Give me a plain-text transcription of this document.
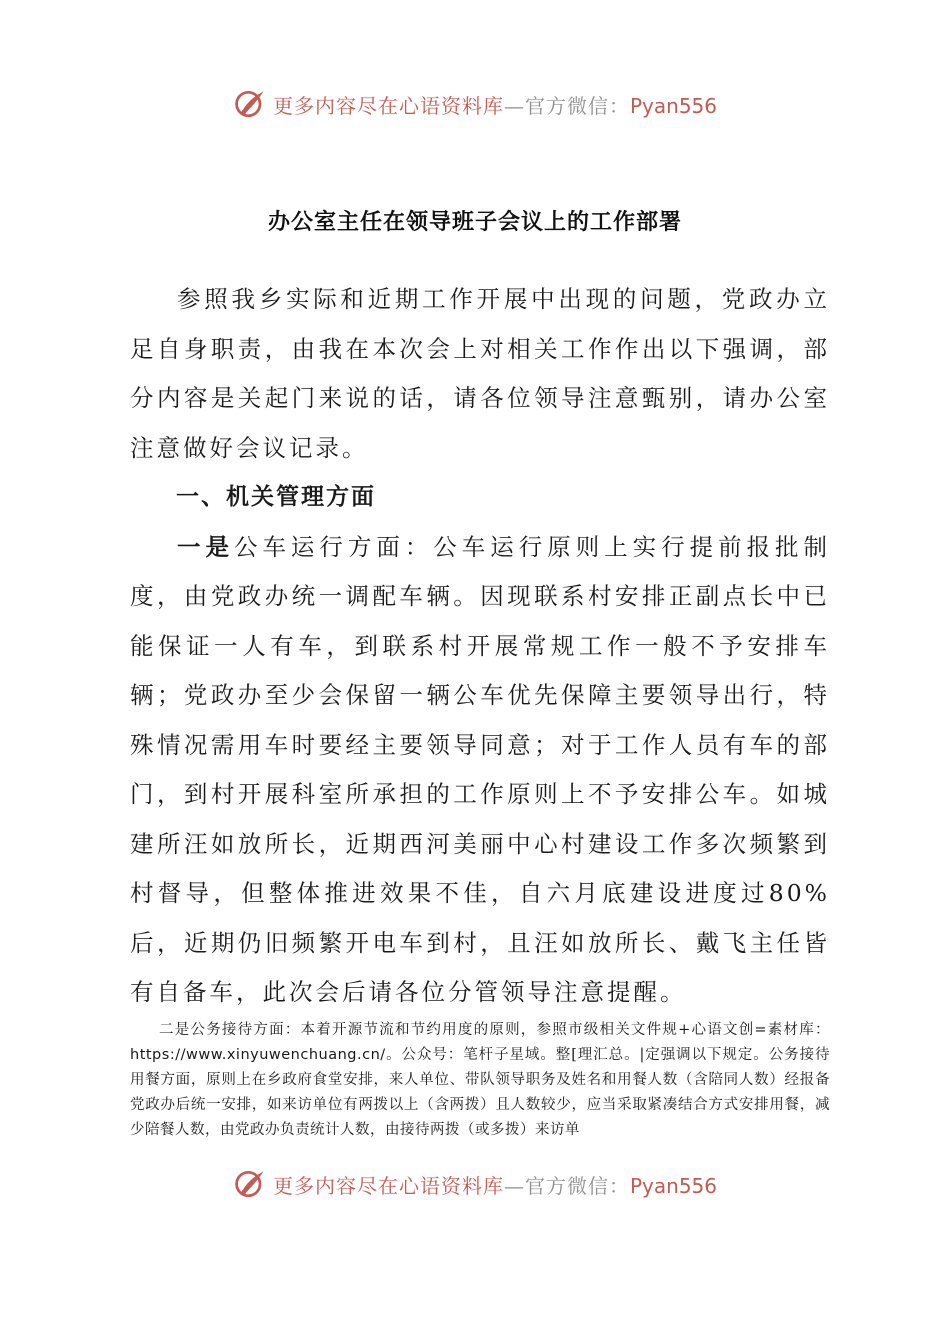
更多内容尽在心语资料库—官方微信：Pyan556
办公室主任在领导班子会议上的工作部署

参照我乡实际和近期工作开展中出现的问题，党政办立足自身职责，由我在本次会上对相关工作作出以下强调，部分内容是关起门来说的话，请各位领导注意甄别，请办公室注意做好会议记录。

一、机关管理方面

一是公车运行方面：公车运行原则上实行提前报批制度，由党政办统一调配车辆。因现联系村安排正副点长中已能保证一人有车，到联系村开展常规工作一般不予安排车辆；党政办至少会保留一辆公车优先保障主要领导出行，特殊情况需用车时要经主要领导同意；对于工作人员有车的部门，到村开展科室所承担的工作原则上不予安排公车。如城建所汪如放所长，近期西河美丽中心村建设工作多次频繁到村督导，但整体推进效果不佳，自六月底建设进度过80%后，近期仍旧频繁开电车到村，且汪如放所长、戴飞主任皆有自备车，此次会后请各位分管领导注意提醒。

二是公务接待方面：本着开源节流和节约用度的原则，参照市级相关文件规+心语文创=素材库：https://www.xinyuwenchuang.cn/。公众号：笔杆子星域。整[理汇总。|定强调以下规定。公务接待用餐方面，原则上在乡政府食堂安排，来人单位、带队领导职务及姓名和用餐人数（含陪同人数）经报备党政办后统一安排，如来访单位有两拨以上（含两拨）且人数较少，应当采取紧凑结合方式安排用餐，减少陪餐人数，由党政办负责统计人数，由接待两拨（或多拨）来访单

更多内容尽在心语资料库—官方微信：Pyan556
